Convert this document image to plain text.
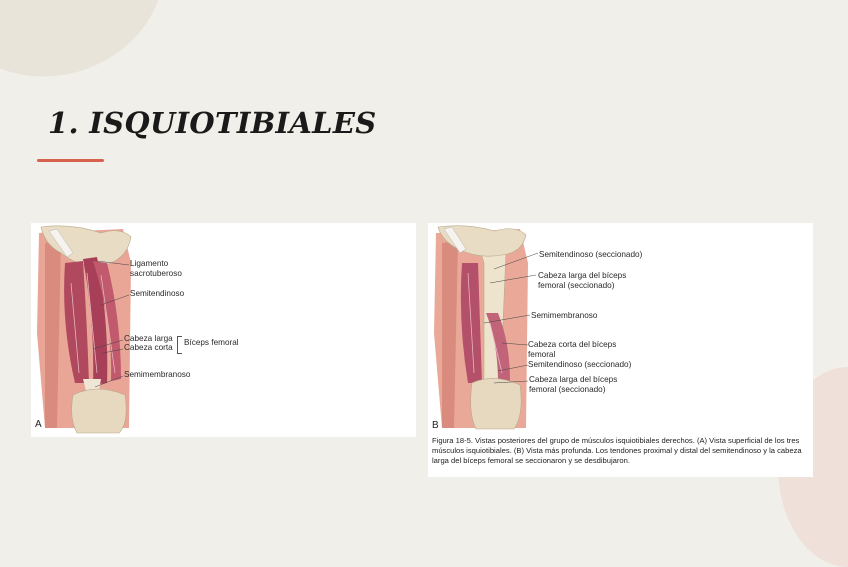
1. ISQUIOTIBIALES
Ligamento
sacrotuberoso
Semitendinoso
Cabeza larga
Cabeza corta
Bíceps femoral
Semimembranoso
A
Semitendinoso (seccionado)
Cabeza larga del bíceps
femoral (seccionado)
Semimembranoso
Cabeza corta del bíceps
femoral
Semitendinoso (seccionado)
Cabeza larga del bíceps
femoral (seccionado)
B
Figura 18-5. Vistas posteriores del grupo de músculos isquiotibiales derechos. (A) Vista superficial de los tres músculos isquiotibiales. (B) Vista más profunda. Los tendones proximal y distal del semitendinoso y la cabeza larga del bíceps femoral se seccionaron y se desdibujaron.
